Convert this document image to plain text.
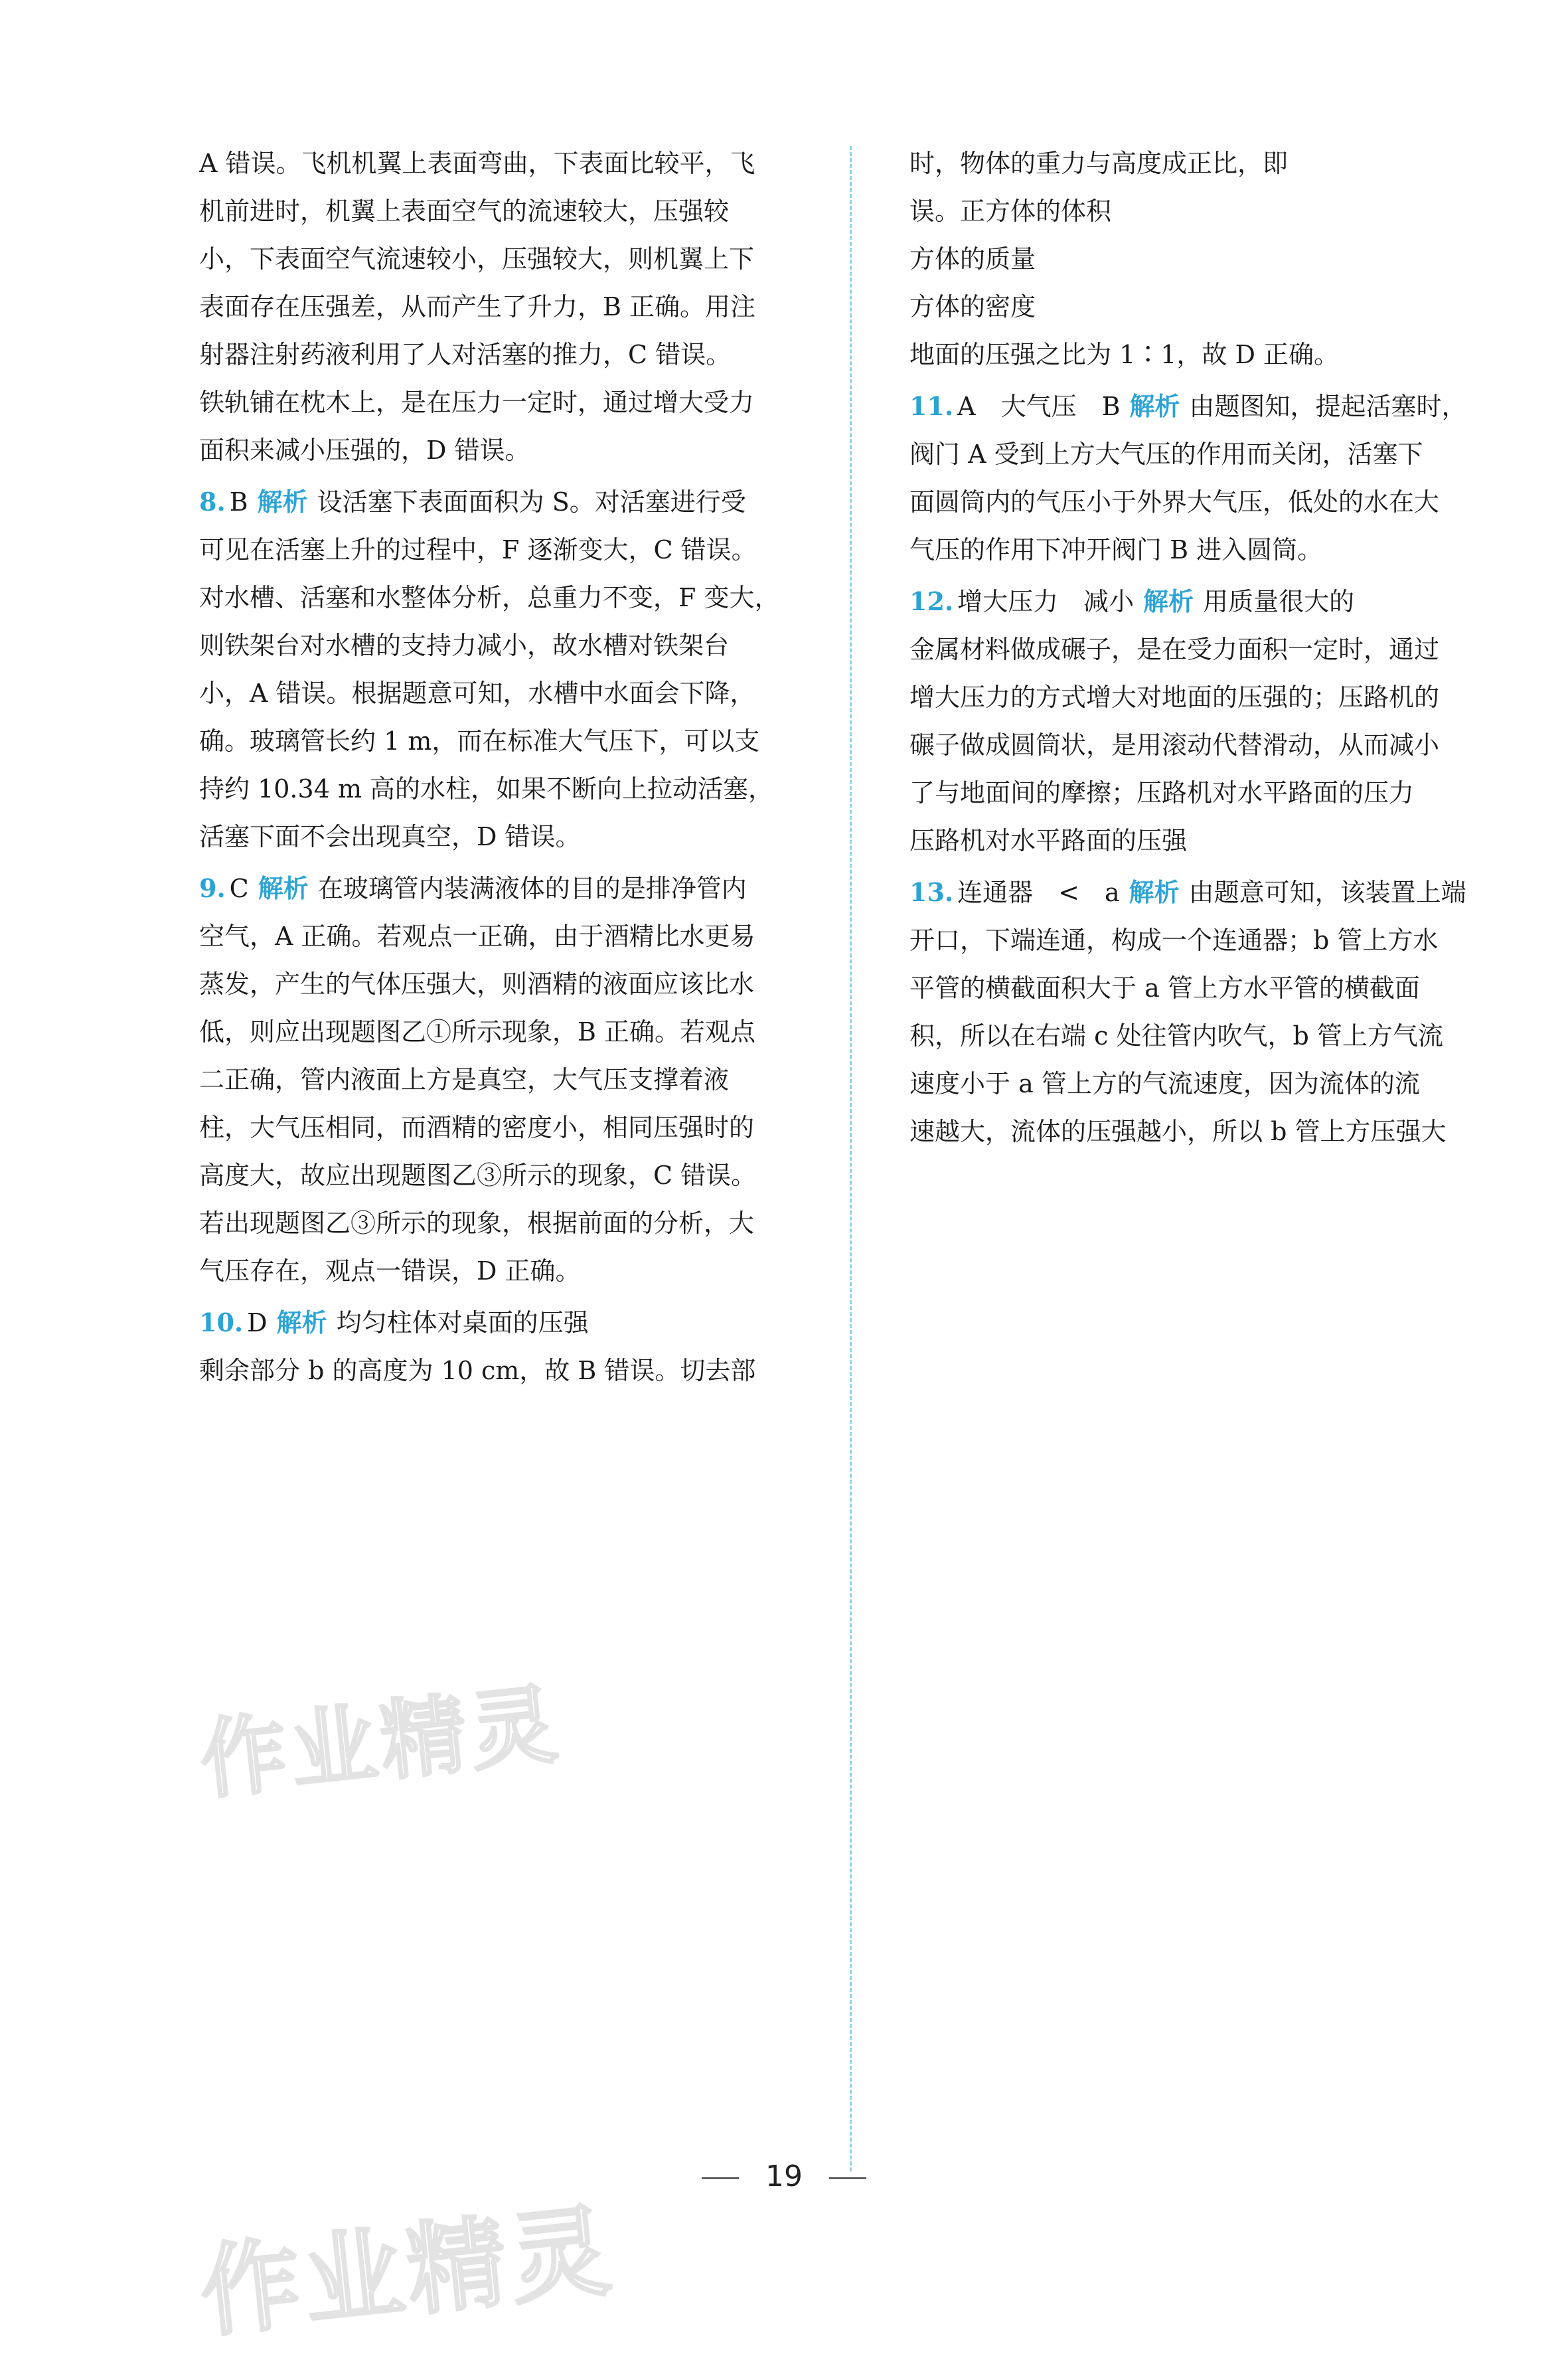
A 错误。飞机机翼上表面弯曲，下表面比较平，飞
机前进时，机翼上表面空气的流速较大，压强较
小，下表面空气流速较小，压强较大，则机翼上下
表面存在压强差，从而产生了升力，B 正确。用注
射器注射药液利用了人对活塞的推力，C 错误。
铁轨铺在枕木上，是在压力一定时，通过增大受力
面积来减小压强的，D 错误。
8. B 解析 设活塞下表面面积为 S。对活塞进行受
可见在活塞上升的过程中，F 逐渐变大，C 错误。
对水槽、活塞和水整体分析，总重力不变，F 变大，
则铁架台对水槽的支持力减小，故水槽对铁架台
小，A 错误。根据题意可知，水槽中水面会下降，
确。玻璃管长约 1 m，而在标准大气压下，可以支
持约 10.34 m 高的水柱，如果不断向上拉动活塞，
活塞下面不会出现真空，D 错误。
9. C 解析 在玻璃管内装满液体的目的是排净管内
空气，A 正确。若观点一正确，由于酒精比水更易
蒸发，产生的气体压强大，则酒精的液面应该比水
低，则应出现题图乙①所示现象，B 正确。若观点
二正确，管内液面上方是真空，大气压支撑着液
柱，大气压相同，而酒精的密度小，相同压强时的
高度大，故应出现题图乙③所示的现象，C 错误。
若出现题图乙③所示的现象，根据前面的分析，大
气压存在，观点一错误，D 正确。
10. D 解析 均匀柱体对桌面的压强
剩余部分 b 的高度为 10 cm，故 B 错误。切去部
时，物体的重力与高度成正比，即
误。正方体的体积
方体的质量
方体的密度
地面的压强之比为 1∶1，故 D 正确。
11. A　大气压　B 解析 由题图知，提起活塞时，
阀门 A 受到上方大气压的作用而关闭，活塞下
面圆筒内的气压小于外界大气压，低处的水在大
气压的作用下冲开阀门 B 进入圆筒。
12. 增大压力　减小 解析 用质量很大的
金属材料做成碾子，是在受力面积一定时，通过
增大压力的方式增大对地面的压强的；压路机的
碾子做成圆筒状，是用滚动代替滑动，从而减小
了与地面间的摩擦；压路机对水平路面的压力
压路机对水平路面的压强
13. 连通器　<　a 解析 由题意可知，该装置上端
开口，下端连通，构成一个连通器；b 管上方水
平管的横截面积大于 a 管上方水平管的横截面
积，所以在右端 c 处往管内吹气，b 管上方气流
速度小于 a 管上方的气流速度，因为流体的流
速越大，流体的压强越小，所以 b 管上方压强大
作业精灵
作业精灵
19
